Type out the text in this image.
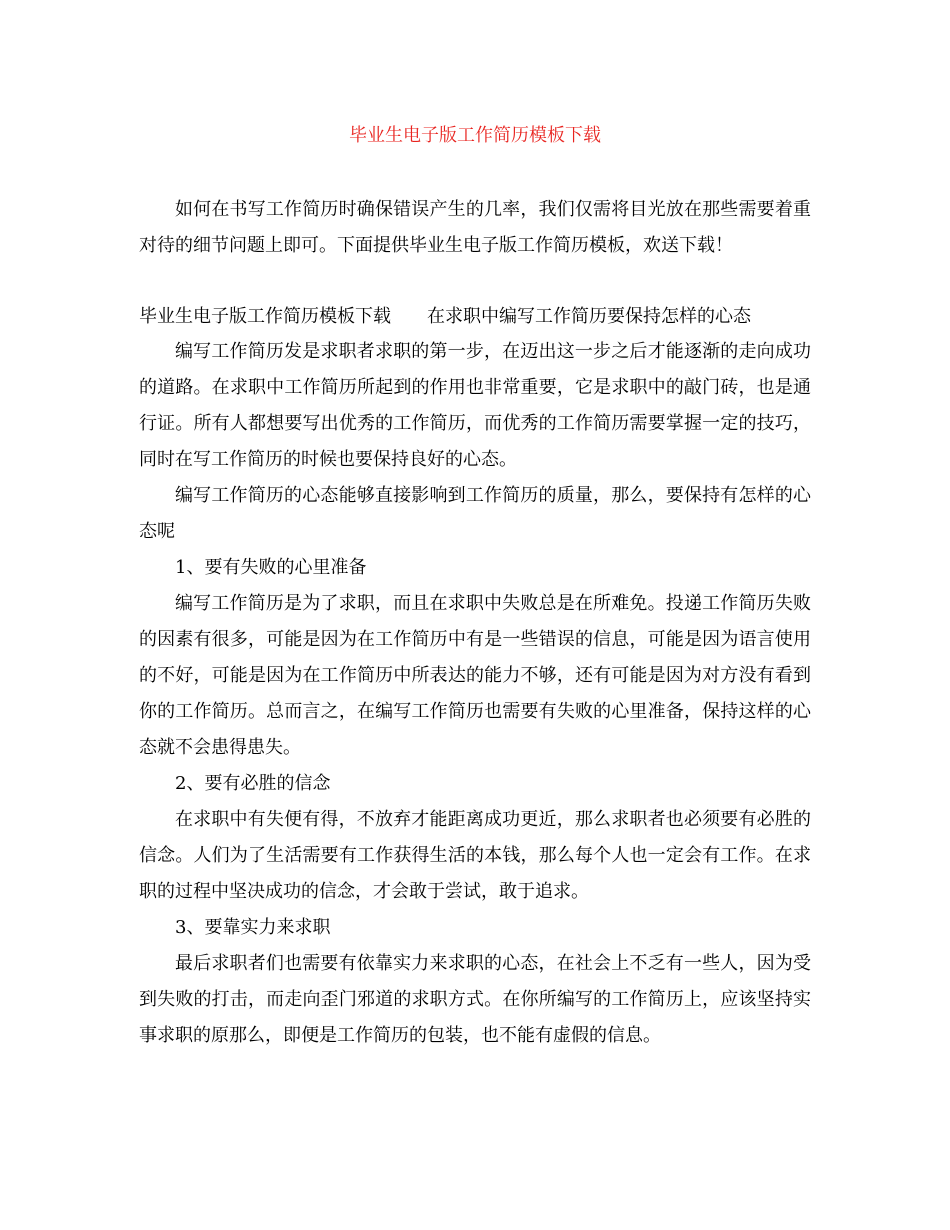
毕业生电子版工作简历模板下载

如何在书写工作简历时确保错误产生的几率，我们仅需将目光放在那些需要着重对待的细节问题上即可。下面提供毕业生电子版工作简历模板，欢送下载！

毕业生电子版工作简历模板下载 在求职中编写工作简历要保持怎样的心态

编写工作简历发是求职者求职的第一步，在迈出这一步之后才能逐渐的走向成功的道路。在求职中工作简历所起到的作用也非常重要，它是求职中的敲门砖，也是通行证。所有人都想要写出优秀的工作简历，而优秀的工作简历需要掌握一定的技巧，同时在写工作简历的时候也要保持良好的心态。

编写工作简历的心态能够直接影响到工作简历的质量，那么，要保持有怎样的心态呢

1、要有失败的心里准备

编写工作简历是为了求职，而且在求职中失败总是在所难免。投递工作简历失败的因素有很多，可能是因为在工作简历中有是一些错误的信息，可能是因为语言使用的不好，可能是因为在工作简历中所表达的能力不够，还有可能是因为对方没有看到你的工作简历。总而言之，在编写工作简历也需要有失败的心里准备，保持这样的心态就不会患得患失。

2、要有必胜的信念

在求职中有失便有得，不放弃才能距离成功更近，那么求职者也必须要有必胜的信念。人们为了生活需要有工作获得生活的本钱，那么每个人也一定会有工作。在求职的过程中坚决成功的信念，才会敢于尝试，敢于追求。

3、要靠实力来求职

最后求职者们也需要有依靠实力来求职的心态，在社会上不乏有一些人，因为受到失败的打击，而走向歪门邪道的求职方式。在你所编写的工作简历上，应该坚持实事求职的原那么，即便是工作简历的包装，也不能有虚假的信息。
